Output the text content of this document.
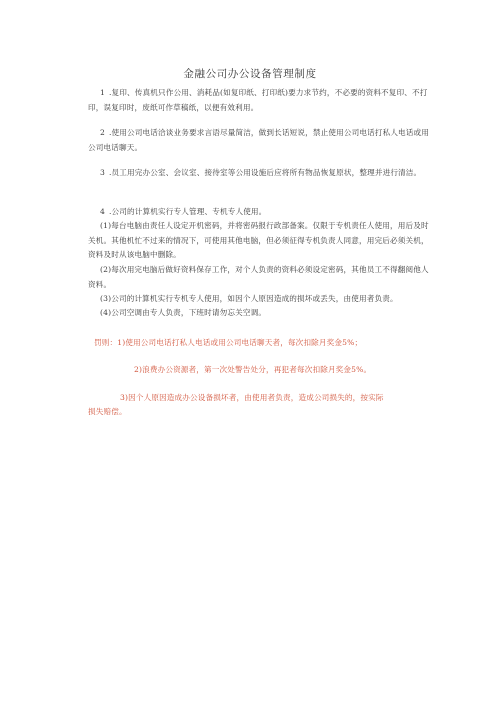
金融公司办公设备管理制度
1 .复印、传真机只作公用、消耗品(如复印纸、打印纸)要力求节约，不必要的资料不复印、不打印，误复印时，废纸可作草稿纸，以便有效利用。
2 .使用公司电话洽谈业务要求言语尽量简洁，做到长话短说，禁止使用公司电话打私人电话或用公司电话聊天。
3 .员工用完办公室、会议室、接待室等公用设施后应将所有物品恢复原状，整理并进行清洁。
4 .公司的计算机实行专人管理、专机专人使用。
(1)每台电脑由责任人设定开机密码，并将密码报行政部备案。仅限于专机责任人使用，用后及时关机。其他机忙不过来的情况下，可使用其他电脑，但必须征得专机负责人同意，用完后必须关机，资料及时从该电脑中删除。
(2)每次用完电脑后做好资料保存工作，对个人负责的资料必须设定密码，其他员工不得翻阅他人资料。
(3)公司的计算机实行专机专人使用，如因个人原因造成的损坏或丢失，由使用者负责。
(4)公司空调由专人负责，下班时请勿忘关空调。
罚则：1)使用公司电话打私人电话或用公司电话聊天者，每次扣除月奖金5%；
2)浪费办公资源者，第一次处警告处分，再犯者每次扣除月奖金5%。
3)因个人原因造成办公设备损坏者，由使用者负责，造成公司损失的，按实际
损失赔偿。
